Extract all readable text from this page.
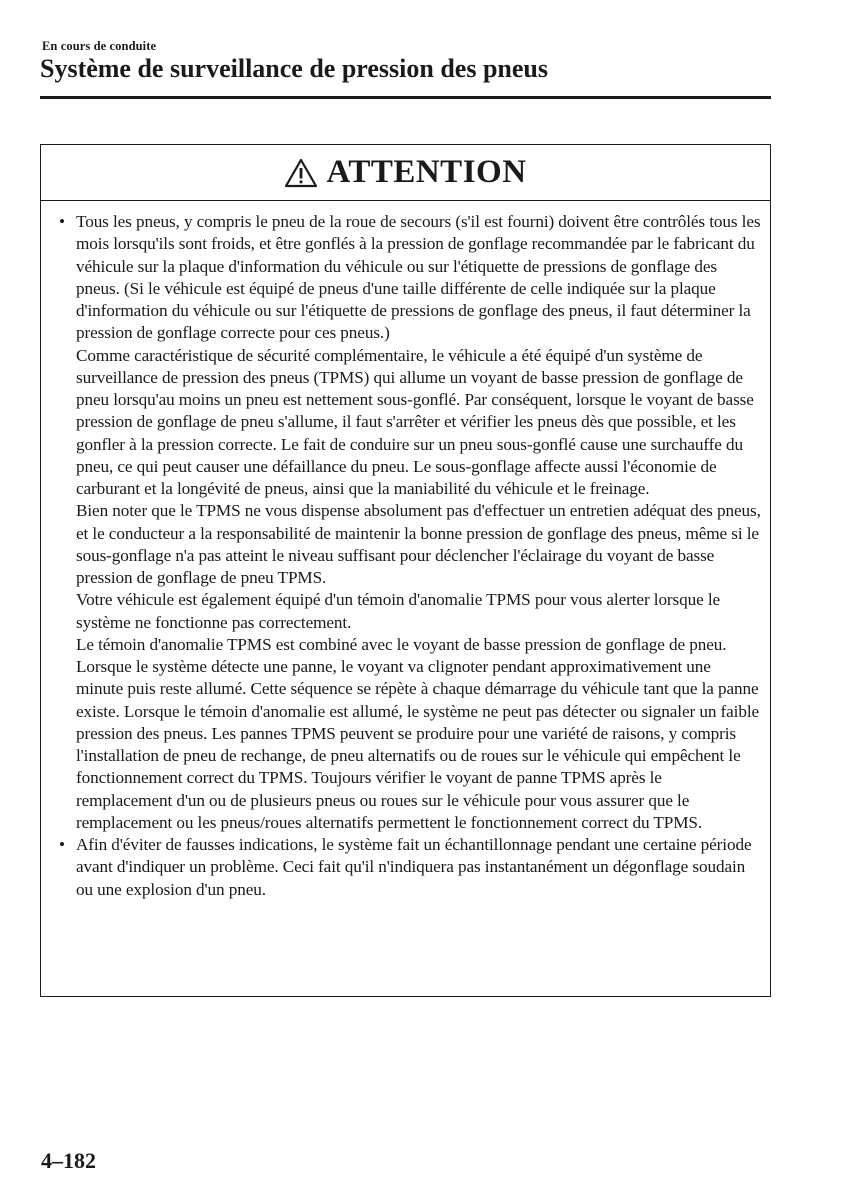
En cours de conduite
Système de surveillance de pression des pneus
ATTENTION
• Tous les pneus, y compris le pneu de la roue de secours (s'il est fourni) doivent être contrôlés tous les mois lorsqu'ils sont froids, et être gonflés à la pression de gonflage recommandée par le fabricant du véhicule sur la plaque d'information du véhicule ou sur l'étiquette de pressions de gonflage des pneus. (Si le véhicule est équipé de pneus d'une taille différente de celle indiquée sur la plaque d'information du véhicule ou sur l'étiquette de pressions de gonflage des pneus, il faut déterminer la pression de gonflage correcte pour ces pneus.)

Comme caractéristique de sécurité complémentaire, le véhicule a été équipé d'un système de surveillance de pression des pneus (TPMS) qui allume un voyant de basse pression de gonflage de pneu lorsqu'au moins un pneu est nettement sous-gonflé. Par conséquent, lorsque le voyant de basse pression de gonflage de pneu s'allume, il faut s'arrêter et vérifier les pneus dès que possible, et les gonfler à la pression correcte. Le fait de conduire sur un pneu sous-gonflé cause une surchauffe du pneu, ce qui peut causer une défaillance du pneu. Le sous-gonflage affecte aussi l'économie de carburant et la longévité de pneus, ainsi que la maniabilité du véhicule et le freinage.

Bien noter que le TPMS ne vous dispense absolument pas d'effectuer un entretien adéquat des pneus, et le conducteur a la responsabilité de maintenir la bonne pression de gonflage des pneus, même si le sous-gonflage n'a pas atteint le niveau suffisant pour déclencher l'éclairage du voyant de basse pression de gonflage de pneu TPMS.

Votre véhicule est également équipé d'un témoin d'anomalie TPMS pour vous alerter lorsque le système ne fonctionne pas correctement.

Le témoin d'anomalie TPMS est combiné avec le voyant de basse pression de gonflage de pneu. Lorsque le système détecte une panne, le voyant va clignoter pendant approximativement une minute puis reste allumé. Cette séquence se répète à chaque démarrage du véhicule tant que la panne existe. Lorsque le témoin d'anomalie est allumé, le système ne peut pas détecter ou signaler un faible pression des pneus. Les pannes TPMS peuvent se produire pour une variété de raisons, y compris l'installation de pneu de rechange, de pneu alternatifs ou de roues sur le véhicule qui empêchent le fonctionnement correct du TPMS. Toujours vérifier le voyant de panne TPMS après le remplacement d'un ou de plusieurs pneus ou roues sur le véhicule pour vous assurer que le remplacement ou les pneus/roues alternatifs permettent le fonctionnement correct du TPMS.

• Afin d'éviter de fausses indications, le système fait un échantillonnage pendant une certaine période avant d'indiquer un problème. Ceci fait qu'il n'indiquera pas instantanément un dégonflage soudain ou une explosion d'un pneu.

4–182
